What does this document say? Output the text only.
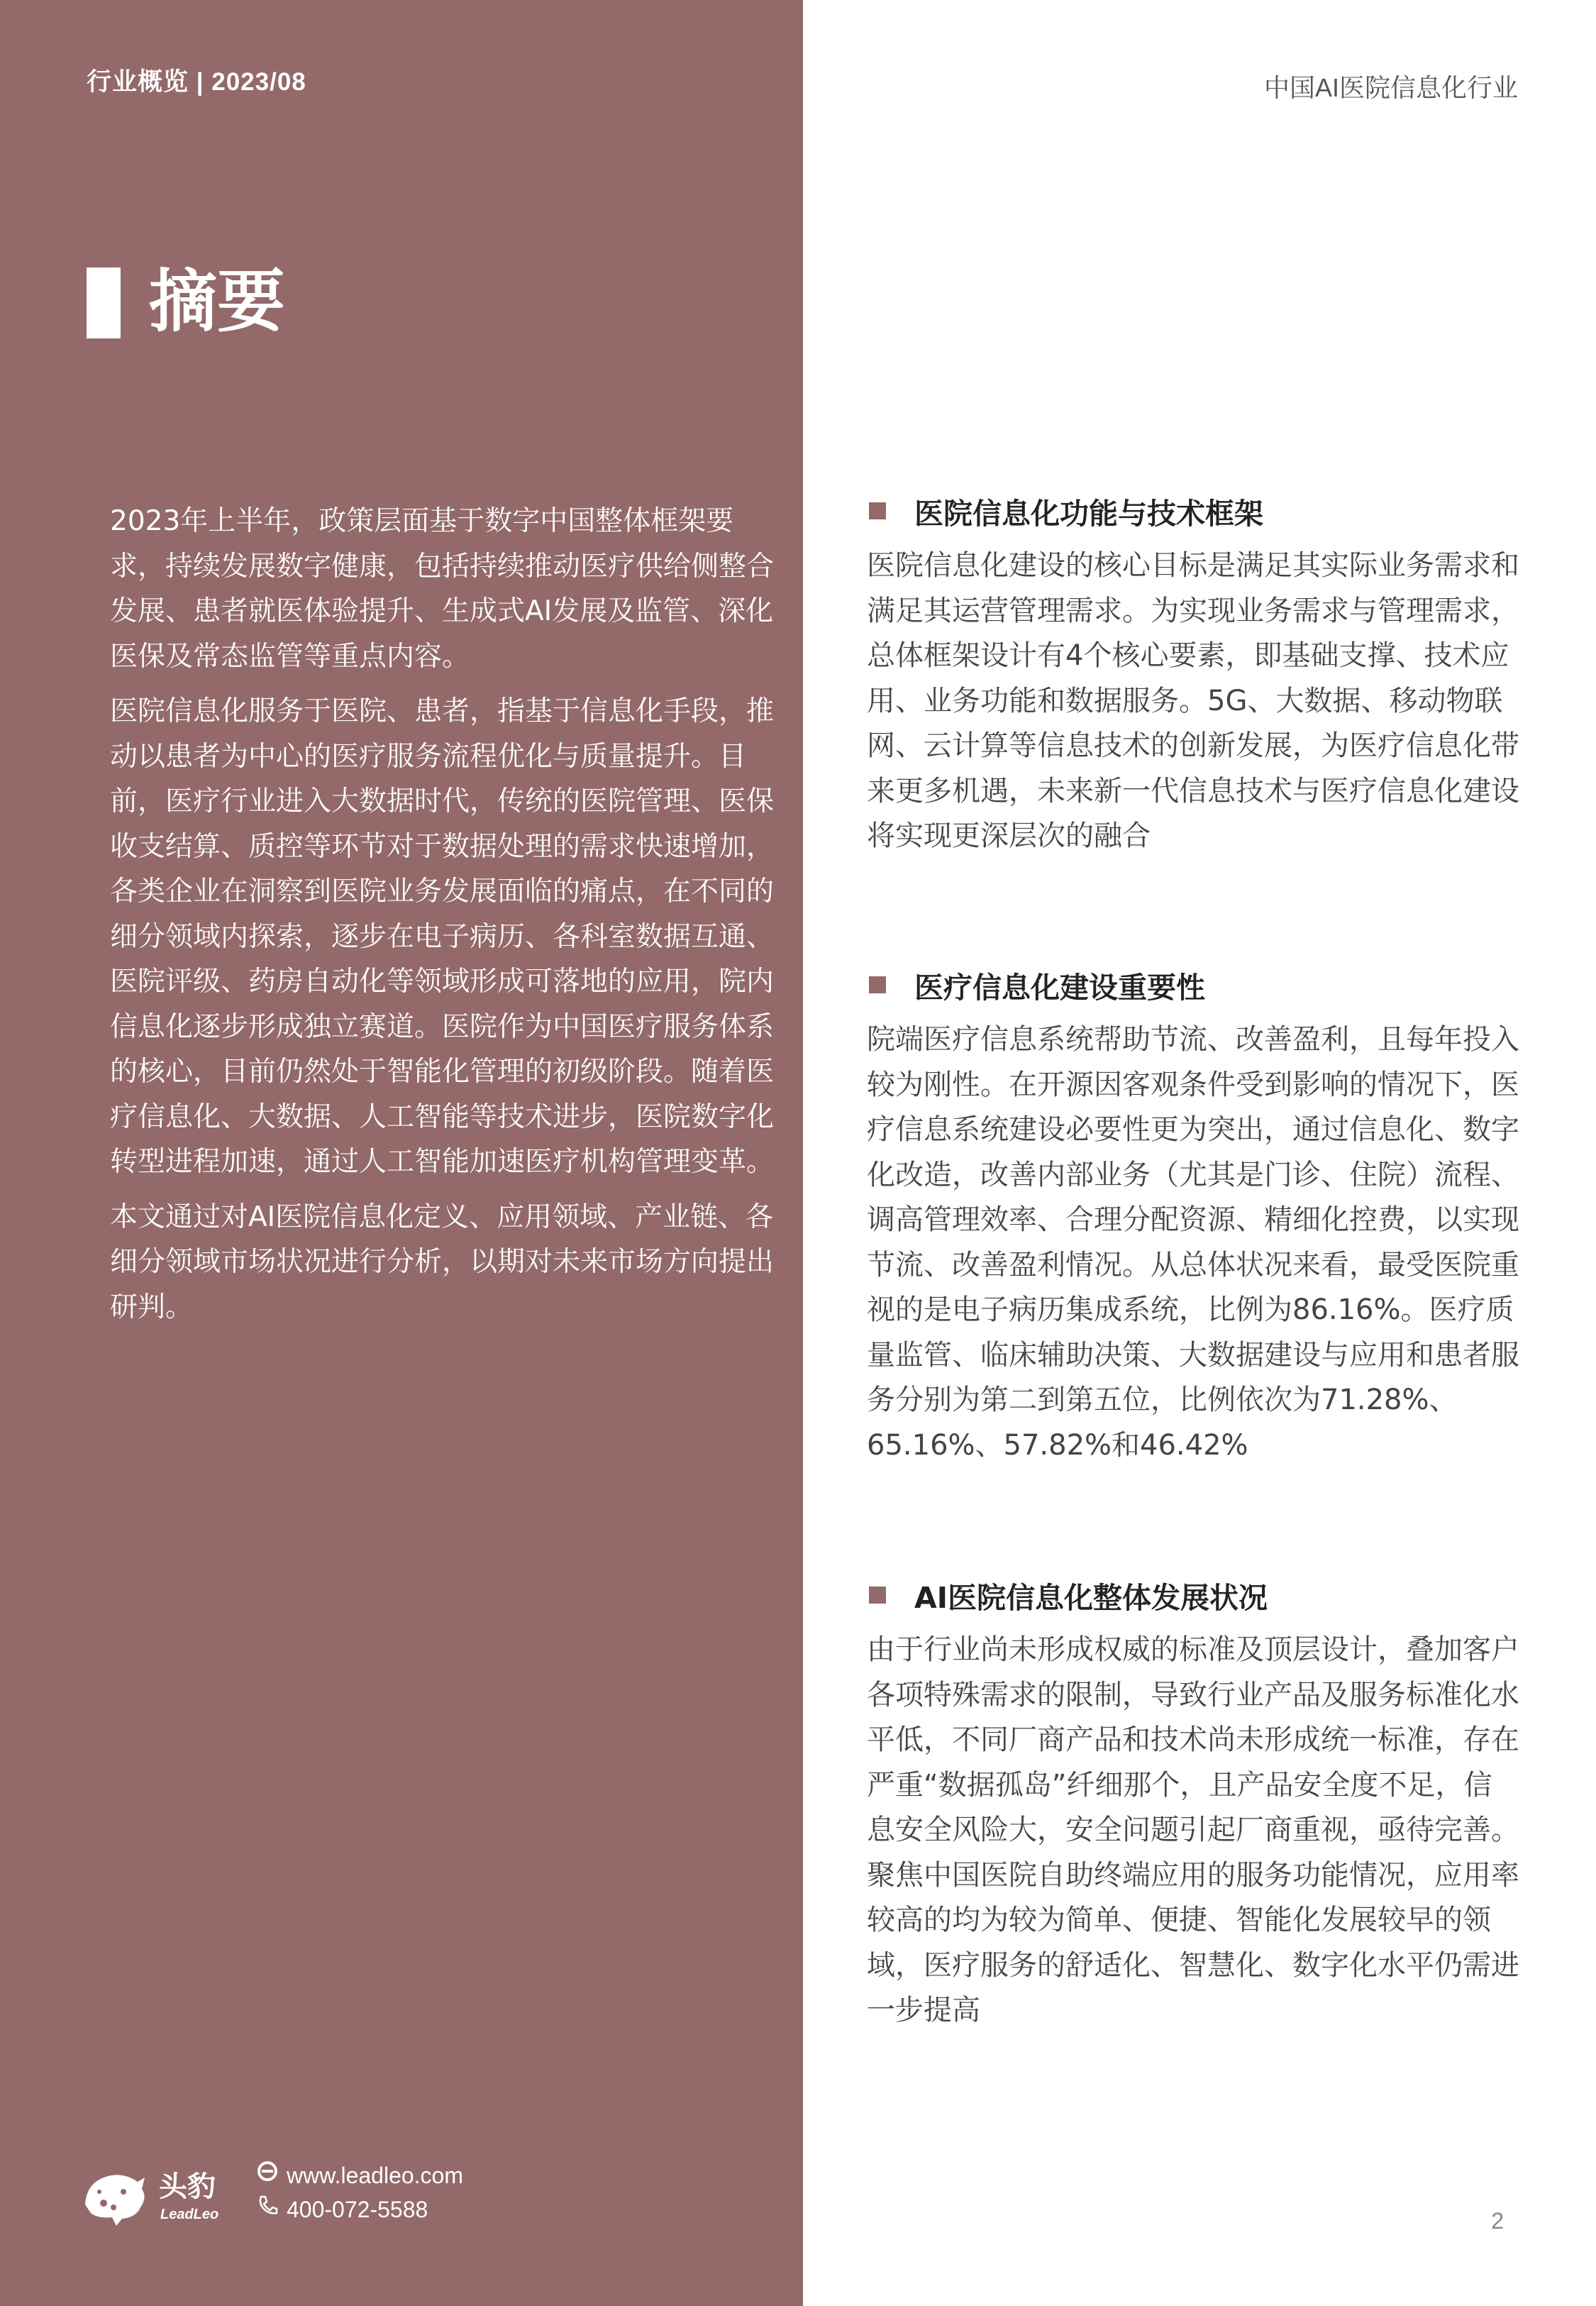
行业概览 | 2023/08	中国AI医院信息化行业
摘要

2023年上半年，政策层面基于数字中国整体框架要求，持续发展数字健康，包括持续推动医疗供给侧整合发展、患者就医体验提升、生成式AI发展及监管、深化医保及常态监管等重点内容。

医院信息化服务于医院、患者，指基于信息化手段，推动以患者为中心的医疗服务流程优化与质量提升。目前，医疗行业进入大数据时代，传统的医院管理、医保收支结算、质控等环节对于数据处理的需求快速增加，各类企业在洞察到医院业务发展面临的痛点，在不同的细分领域内探索，逐步在电子病历、各科室数据互通、医院评级、药房自动化等领域形成可落地的应用，院内信息化逐步形成独立赛道。医院作为中国医疗服务体系的核心，目前仍然处于智能化管理的初级阶段。随着医疗信息化、大数据、人工智能等技术进步，医院数字化转型进程加速，通过人工智能加速医疗机构管理变革。

本文通过对AI医院信息化定义、应用领域、产业链、各细分领域市场状况进行分析，以期对未来市场方向提出研判。

医院信息化功能与技术框架
医院信息化建设的核心目标是满足其实际业务需求和满足其运营管理需求。为实现业务需求与管理需求，总体框架设计有4个核心要素，即基础支撑、技术应用、业务功能和数据服务。5G、大数据、移动物联网、云计算等信息技术的创新发展，为医疗信息化带来更多机遇，未来新一代信息技术与医疗信息化建设将实现更深层次的融合
医疗信息化建设重要性
院端医疗信息系统帮助节流、改善盈利，且每年投入较为刚性。在开源因客观条件受到影响的情况下，医疗信息系统建设必要性更为突出，通过信息化、数字化改造，改善内部业务（尤其是门诊、住院）流程、调高管理效率、合理分配资源、精细化控费，以实现节流、改善盈利情况。从总体状况来看，最受医院重视的是电子病历集成系统，比例为86.16%。医疗质量监管、临床辅助决策、大数据建设与应用和患者服务分别为第二到第五位，比例依次为71.28%、65.16%、57.82%和46.42%
AI医院信息化整体发展状况
由于行业尚未形成权威的标准及顶层设计，叠加客户各项特殊需求的限制，导致行业产品及服务标准化水平低，不同厂商产品和技术尚未形成统一标准，存在严重“数据孤岛”纤细那个，且产品安全度不足，信息安全风险大，安全问题引起厂商重视，亟待完善。聚焦中国医院自助终端应用的服务功能情况，应用率较高的均为较为简单、便捷、智能化发展较早的领域，医疗服务的舒适化、智慧化、数字化水平仍需进一步提高
头豹
LeadLeo
www.leadleo.com
400-072-5588	2
